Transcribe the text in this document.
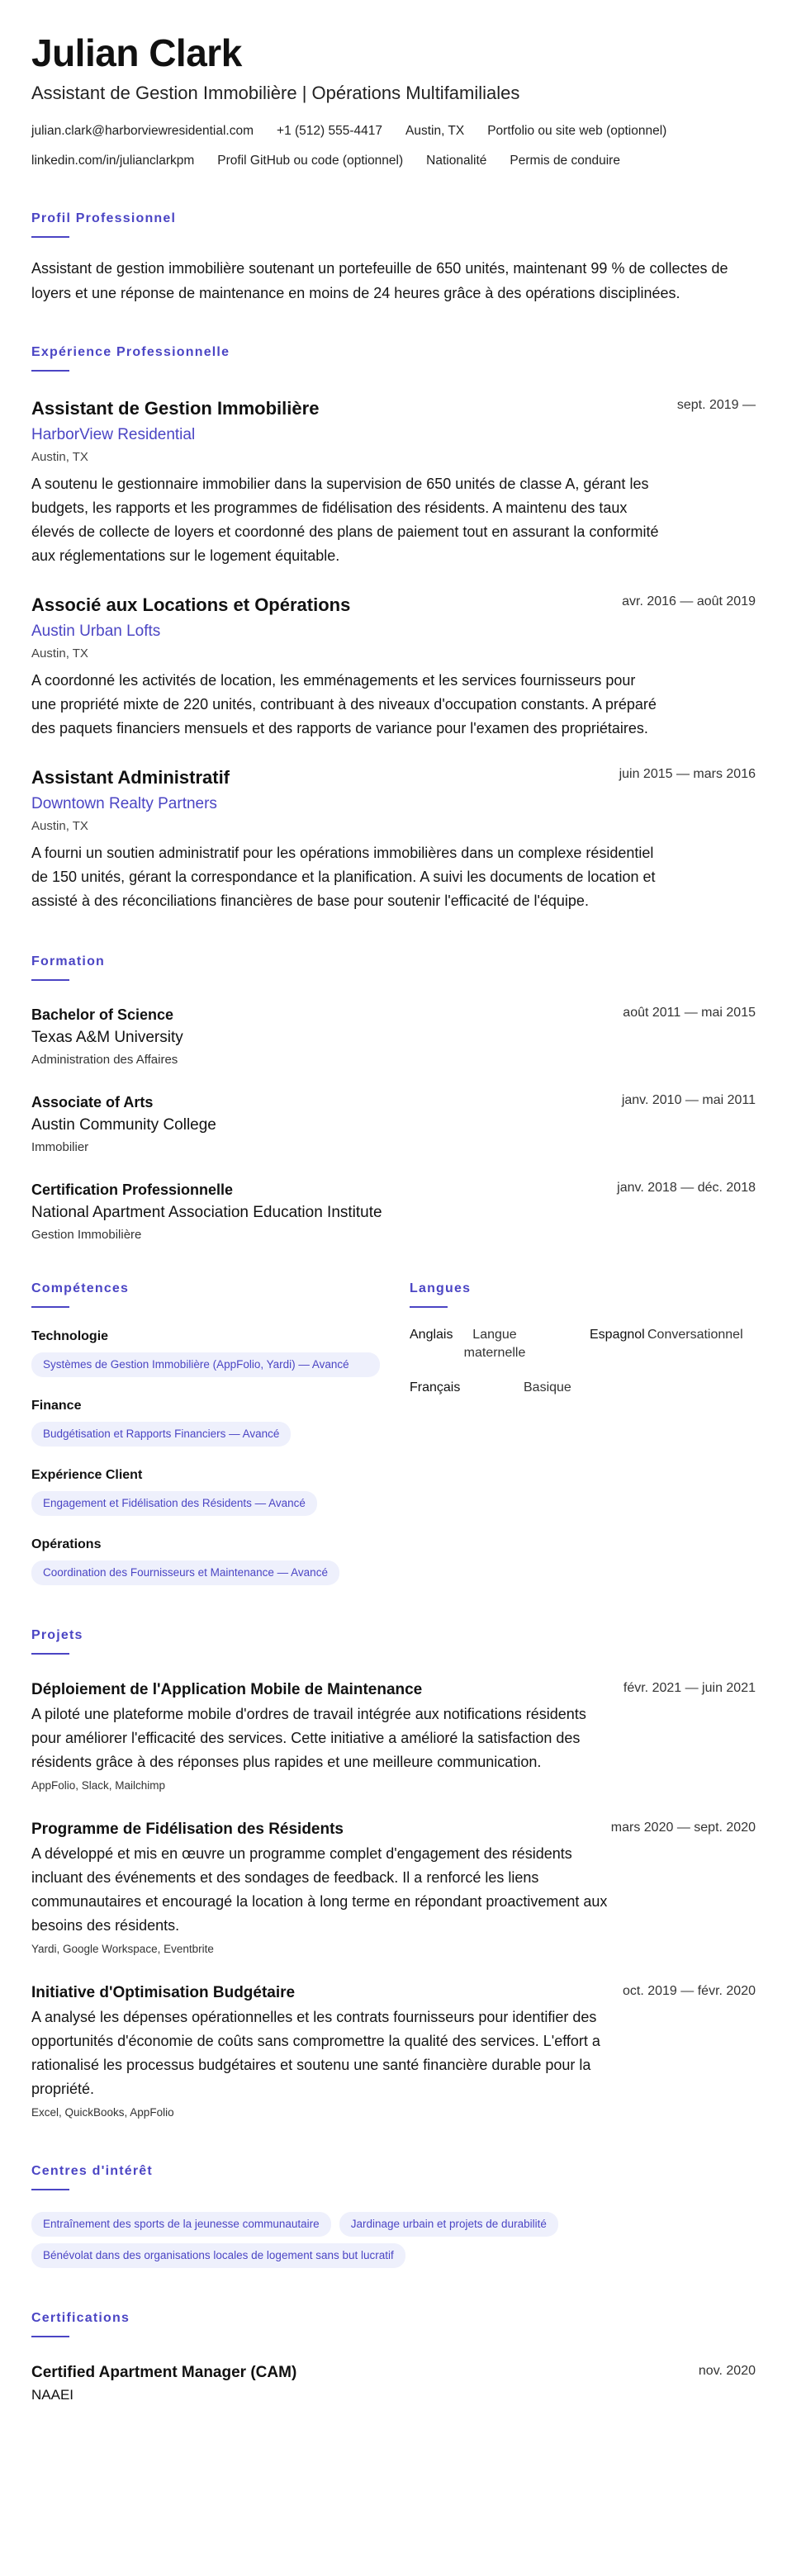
Julian Clark
Assistant de Gestion Immobilière | Opérations Multifamiliales
julian.clark@harborviewresidential.com +1 (512) 555-4417 Austin, TX Portfolio ou site web (optionnel)
linkedin.com/in/julianclarkpm Profil GitHub ou code (optionnel) Nationalité Permis de conduire
Profil Professionnel
Assistant de gestion immobilière soutenant un portefeuille de 650 unités, maintenant 99 % de collectes de loyers et une réponse de maintenance en moins de 24 heures grâce à des opérations disciplinées.
Expérience Professionnelle
Assistant de Gestion Immobilière	sept. 2019 —
HarborView Residential
Austin, TX
A soutenu le gestionnaire immobilier dans la supervision de 650 unités de classe A, gérant les budgets, les rapports et les programmes de fidélisation des résidents. A maintenu des taux élevés de collecte de loyers et coordonné des plans de paiement tout en assurant la conformité aux réglementations sur le logement équitable.
Associé aux Locations et Opérations	avr. 2016 — août 2019
Austin Urban Lofts
Austin, TX
A coordonné les activités de location, les emménagements et les services fournisseurs pour une propriété mixte de 220 unités, contribuant à des niveaux d'occupation constants. A préparé des paquets financiers mensuels et des rapports de variance pour l'examen des propriétaires.
Assistant Administratif	juin 2015 — mars 2016
Downtown Realty Partners
Austin, TX
A fourni un soutien administratif pour les opérations immobilières dans un complexe résidentiel de 150 unités, gérant la correspondance et la planification. A suivi les documents de location et assisté à des réconciliations financières de base pour soutenir l'efficacité de l'équipe.
Formation
Bachelor of Science	août 2011 — mai 2015
Texas A&M University
Administration des Affaires
Associate of Arts	janv. 2010 — mai 2011
Austin Community College
Immobilier
Certification Professionnelle	janv. 2018 — déc. 2018
National Apartment Association Education Institute
Gestion Immobilière
Compétences
Technologie
Systèmes de Gestion Immobilière (AppFolio, Yardi) — Avancé
Finance
Budgétisation et Rapports Financiers — Avancé
Expérience Client
Engagement et Fidélisation des Résidents — Avancé
Opérations
Coordination des Fournisseurs et Maintenance — Avancé
Langues
Anglais	Langue maternelle
Espagnol Conversationnel
Français	Basique
Projets
Déploiement de l'Application Mobile de Maintenance	févr. 2021 — juin 2021
A piloté une plateforme mobile d'ordres de travail intégrée aux notifications résidents pour améliorer l'efficacité des services. Cette initiative a amélioré la satisfaction des résidents grâce à des réponses plus rapides et une meilleure communication.
AppFolio, Slack, Mailchimp
Programme de Fidélisation des Résidents	mars 2020 — sept. 2020
A développé et mis en œuvre un programme complet d'engagement des résidents incluant des événements et des sondages de feedback. Il a renforcé les liens communautaires et encouragé la location à long terme en répondant proactivement aux besoins des résidents.
Yardi, Google Workspace, Eventbrite
Initiative d'Optimisation Budgétaire	oct. 2019 — févr. 2020
A analysé les dépenses opérationnelles et les contrats fournisseurs pour identifier des opportunités d'économie de coûts sans compromettre la qualité des services. L'effort a rationalisé les processus budgétaires et soutenu une santé financière durable pour la propriété.
Excel, QuickBooks, AppFolio
Centres d'intérêt
Entraînement des sports de la jeunesse communautaire	Jardinage urbain et projets de durabilité
Bénévolat dans des organisations locales de logement sans but lucratif
Certifications
Certified Apartment Manager (CAM)	nov. 2020
NAAEI
